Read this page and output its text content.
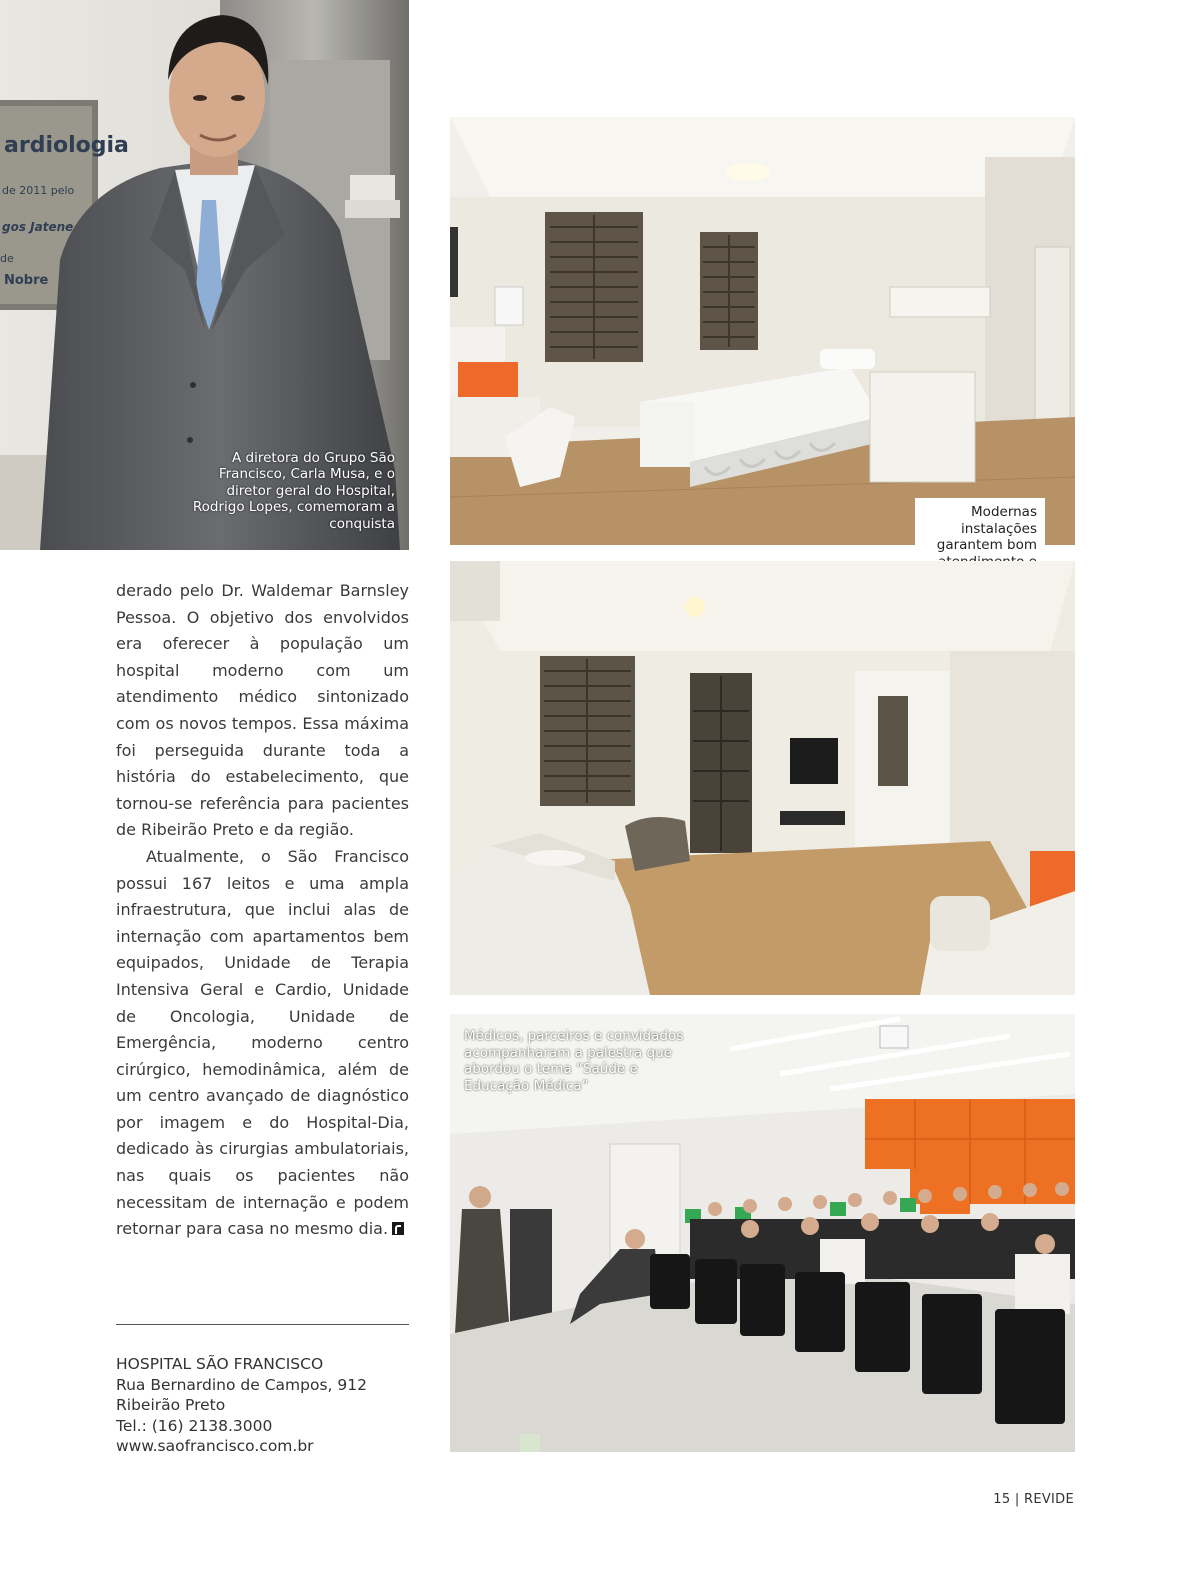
ardiologia
de 2011 pelo
gos Jatene
de
Nobre
A diretora do Grupo São Francisco, Carla Musa, e o diretor geral do Hospital, Rodrigo Lopes, comemoram a conquista
Modernas instalações garantem bom
Médicos, parceiros e convidados acompanharam a palestra que abordou o tema “Saúde e Educação Médica”

derado pelo Dr. Waldemar Barnsley Pessoa. O objetivo dos envolvidos era oferecer à população um hospital moderno com um atendimento médico sintonizado com os novos tempos. Essa máxima foi perseguida durante toda a história do estabelecimento, que tornou-se referência para pacientes de Ribeirão Preto e da região.

Atualmente, o São Francisco possui 167 leitos e uma ampla infraestrutura, que inclui alas de internação com apartamentos bem equipados, Unidade de Terapia Intensiva Geral e Cardio, Unidade de Oncologia, Unidade de Emergência, moderno centro cirúrgico, hemodinâmica, além de um centro avançado de diagnóstico por imagem e do Hospital-Dia, dedicado às cirurgias ambulatoriais, nas quais os pacientes não necessitam de internação e podem retornar para casa no mesmo dia.

HOSPITAL SÃO FRANCISCO
Rua Bernardino de Campos, 912
Ribeirão Preto
Tel.: (16) 2138.3000
www.saofrancisco.com.br
15 | REVIDE
